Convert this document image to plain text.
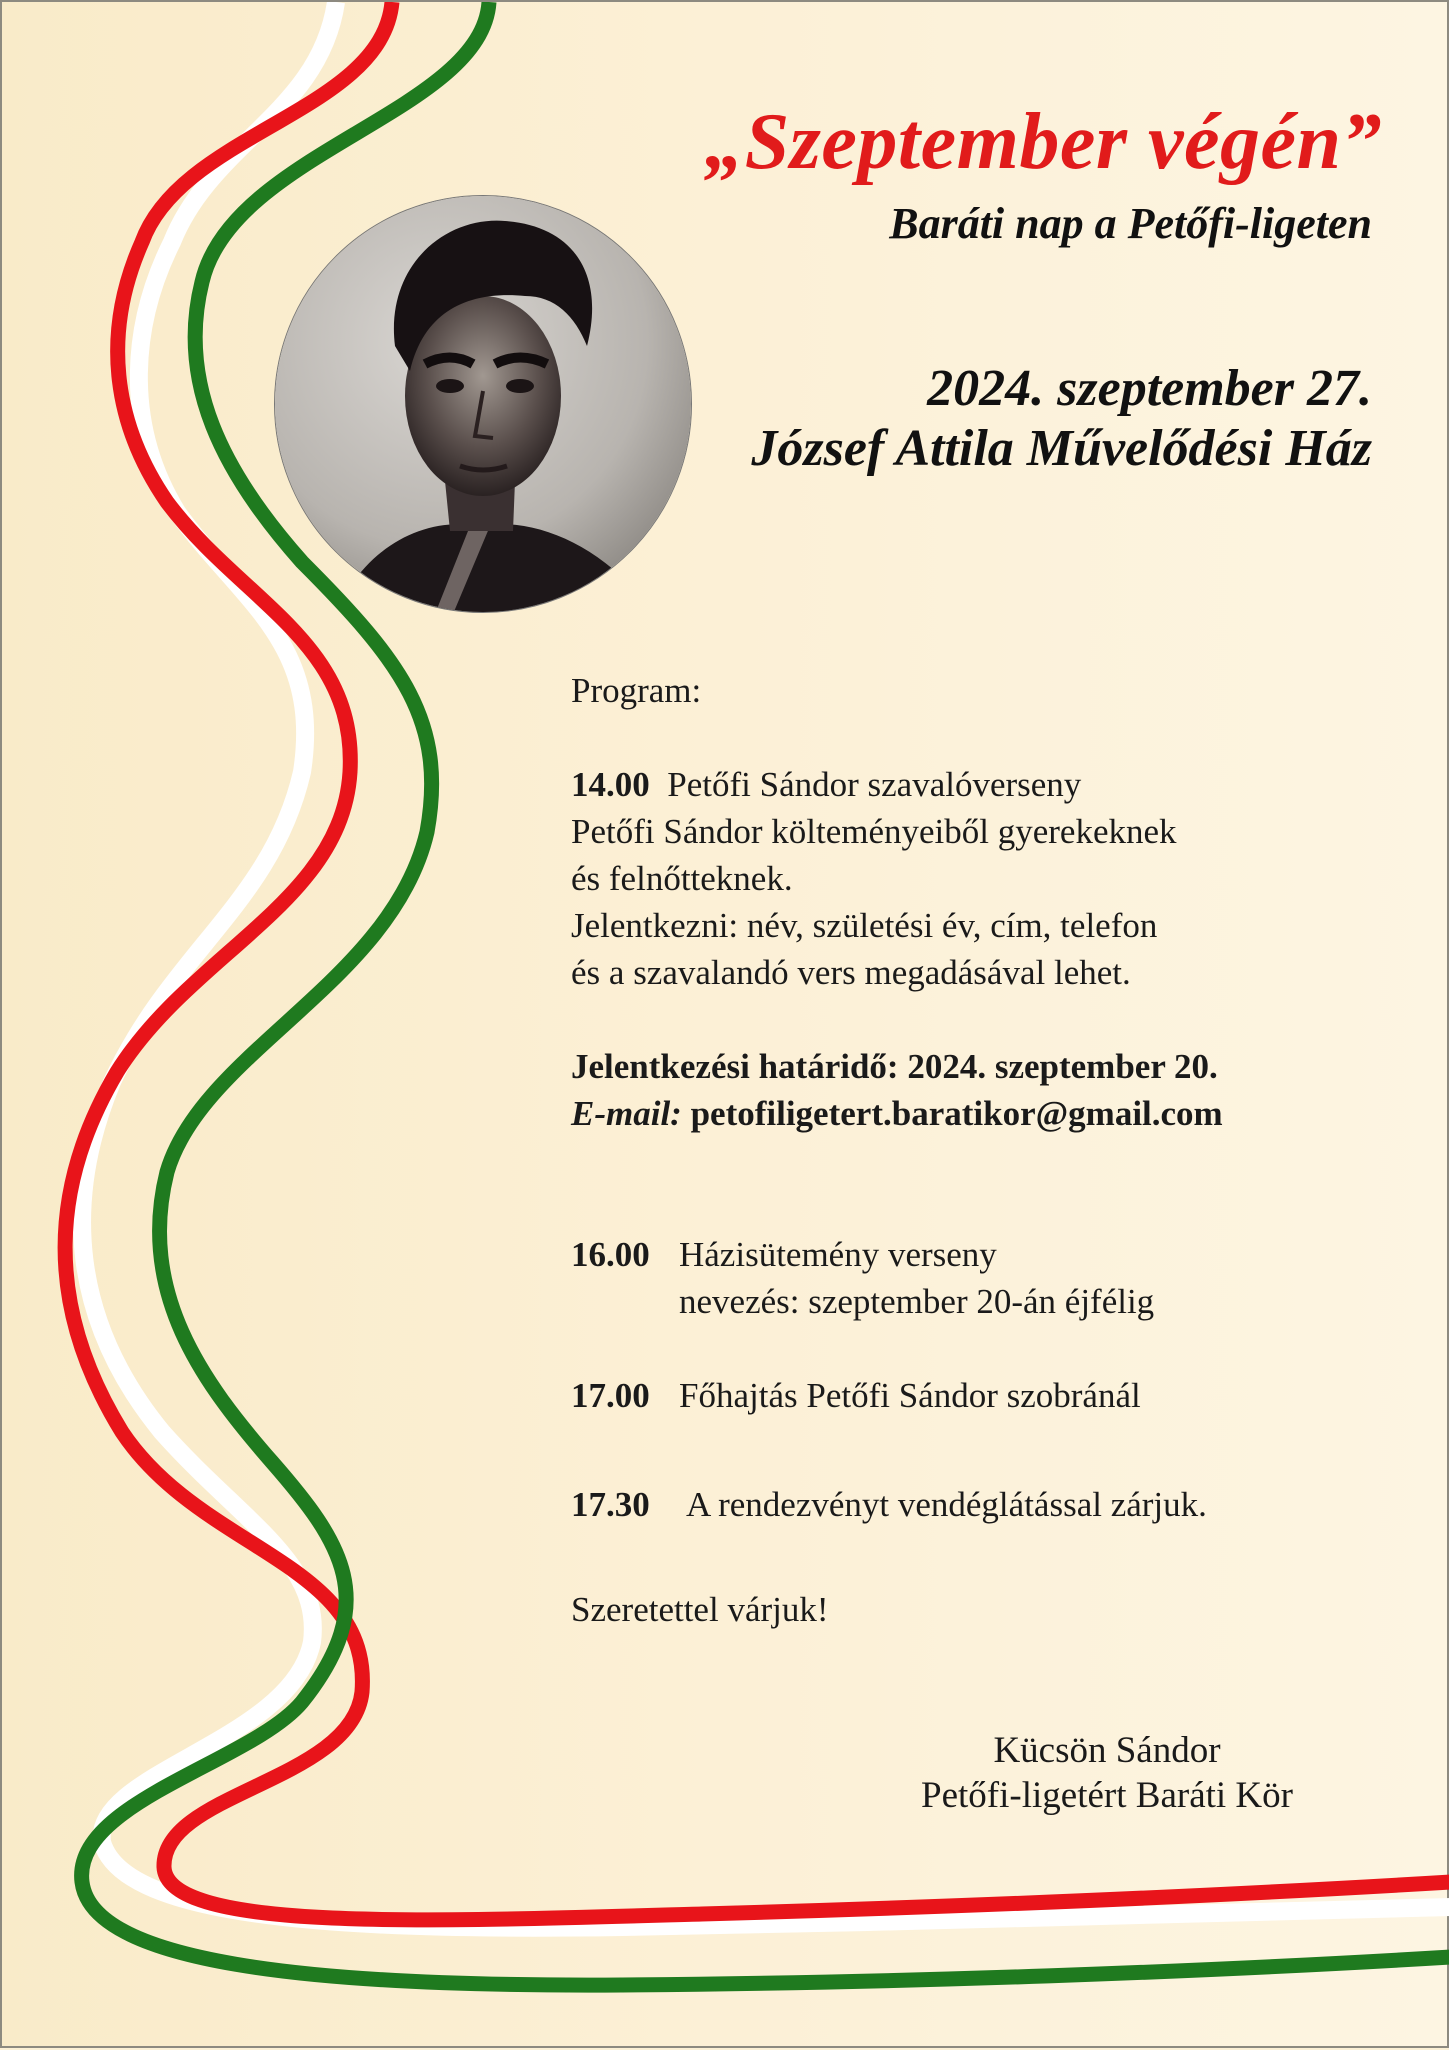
„Szeptember végén”

Baráti nap a Petőfi-ligeten

2024. szeptember 27.

József Attila Művelődési Ház

Program:

14.00 Petőfi Sándor szavalóverseny

Petőfi Sándor költeményeiből gyerekeknek

és felnőtteknek.

Jelentkezni: név, születési év, cím, telefon

és a szavalandó vers megadásával lehet.

Jelentkezési határidő: 2024. szeptember 20.

E-mail: petofiligetert.baratikor@gmail.com

16.00 Házisütemény verseny
nevezés: szeptember 20-án éjfélig
17.00 Főhajtás Petőfi Sándor szobránál
17.30	A rendezvényt vendéglátással zárjuk.

Szeretettel várjuk!

Kücsön Sándor

Petőfi-ligetért Baráti Kör
